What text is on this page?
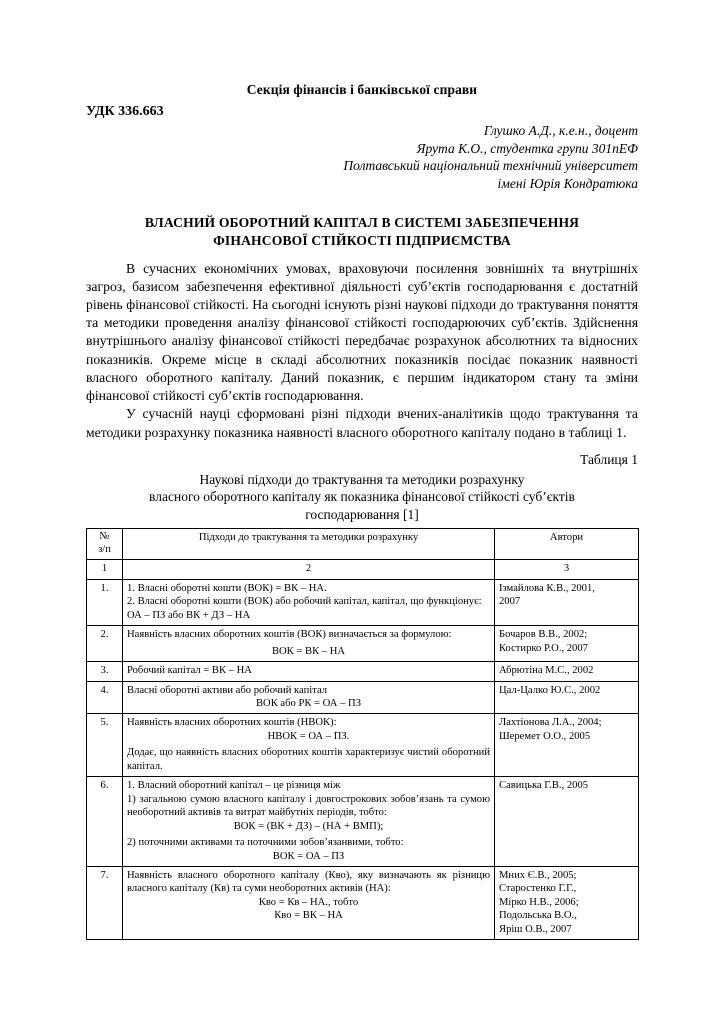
Секція фінансів і банківської справи
УДК 336.663
Глушко А.Д., к.е.н., доцент
Ярута К.О., студентка групи 301пЕФ
Полтавський національний технічний університет
імені Юрія Кондратюка
ВЛАСНИЙ ОБОРОТНИЙ КАПІТАЛ В СИСТЕМІ ЗАБЕЗПЕЧЕННЯ
ФІНАНСОВОЇ СТІЙКОСТІ ПІДПРИЄМСТВА

В сучасних економічних умовах, враховуючи посилення зовнішніх та внутрішніх загроз, базисом забезпечення ефективної діяльності суб’єктів господарювання є достатній рівень фінансової стійкості. На сьогодні існують різні наукові підходи до трактування поняття та методики проведення аналізу фінансової стійкості господарюючих суб’єктів. Здійснення внутрішнього аналізу фінансової стійкості передбачає розрахунок абсолютних та відносних показників. Окреме місце в складі абсолютних показників посідає показник наявності власного оборотного капіталу. Даний показник, є першим індикатором стану та зміни фінансової стійкості суб’єктів господарювання.

У сучасній науці сформовані різні підходи вчених-аналітиків щодо трактування та методики розрахунку показника наявності власного оборотного капіталу подано в таблиці 1.

Таблиця 1
Наукові підходи до трактування та методики розрахунку
власного оборотного капіталу як показника фінансової стійкості суб’єктів
господарювання [1]
№
з/п	Підходи до трактування та методики розрахунку	Автори
1	2	3
1.	1. Власні оборотні кошти (ВОК) = ВК – НА.
2. Власні оборотні кошти (ВОК) або робочий капітал, капітал, що функціонує:
ОА – ПЗ або ВК + ДЗ – НА	Ізмайлова К.В., 2001,
2007

2.	Наявність власних оборотних коштів (ВОК) визначається за формулою:
ВОК = ВК – НА	Бочаров В.В., 2002;
Костирко Р.О., 2007

3.	Робочий капітал = ВК – НА	Абрютіна М.С., 2002

4.	Власні оборотні активи або робочий капітал
ВОК або РК = ОА – ПЗ	Цал-Цалко Ю.С., 2002

5.	Наявність власних оборотних коштів (НВОК):
НВОК = ОА – ПЗ.
Додає, що наявність власних оборотних коштів характеризує чистий оборотний капітал.	Лахтіонова Л.А., 2004;
Шеремет О.О., 2005

6.	1. Власний оборотний капітал – це різниця між
1) загальною сумою власного капіталу і довгострокових зобов’язань та сумою необоротний активів та витрат майбутніх періодів, тобто:
ВОК = (ВК + ДЗ) – (НА + ВМП);
2) поточними активами та поточними зобов’язанвими, тобто:
ВОК = ОА – ПЗ	Савицька Г.В., 2005

7.	Наявність власного оборотного капіталу (Кво), яку визначають як різницю власного капіталу (Кв) та суми необоротних активів (НА):
Кво = Кв – НА., тобто
Кво = ВК – НА	Мних Є.В., 2005;
Старостенко Г.Г.,
Мірко Н.В., 2006;
Подольська В.О.,
Яріш О.В., 2007
